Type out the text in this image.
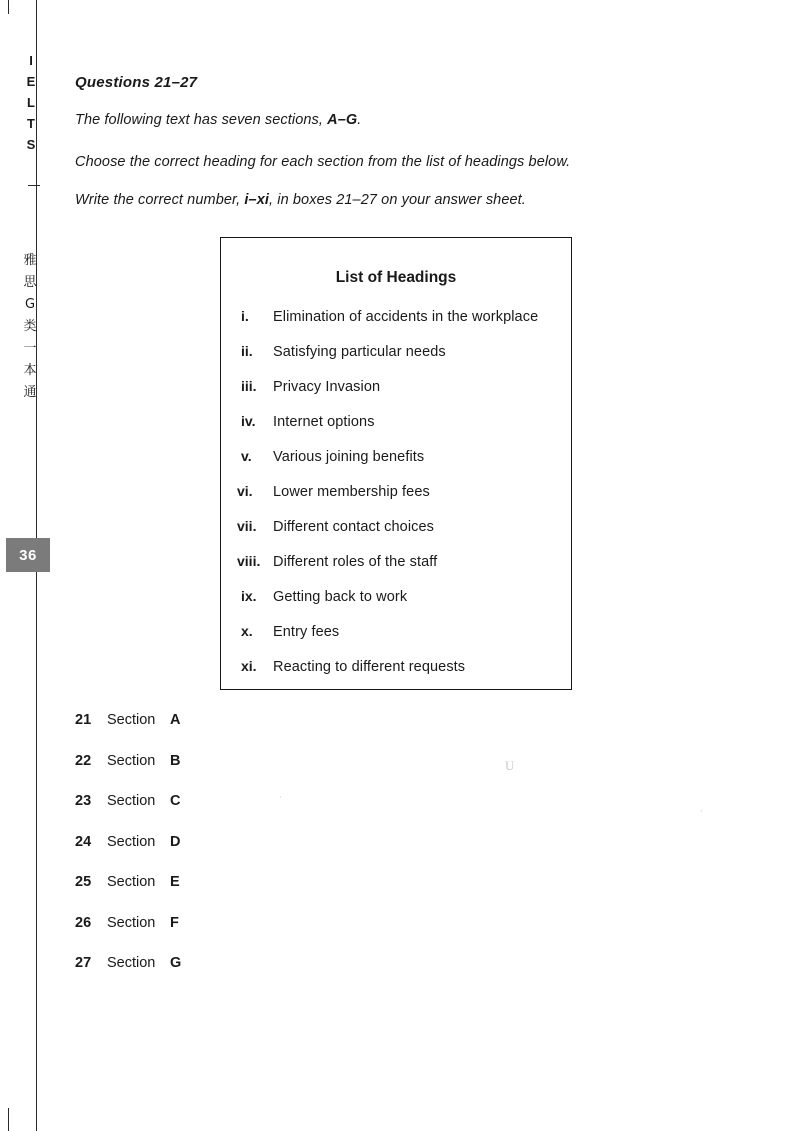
I
E
L
T
S
雅
思
G
类
一
本
通
36
Questions 21–27
The following text has seven sections, A–G.
Choose the correct heading for each section from the list of headings below.
Write the correct number, i–xi, in boxes 21–27 on your answer sheet.
List of Headings
i.	Elimination of accidents in the workplace
ii.	Satisfying particular needs
iii.	Privacy Invasion
iv.	Internet options
v.	Various joining benefits
vi.	Lower membership fees
vii.	Different contact choices
viii. Different roles of the staff
ix.	Getting back to work
x.	Entry fees
xi.	Reacting to different requests
21	Section	A
22	Section	B
23	Section	C
24	Section	D
25	Section	E
26	Section	F
27	Section	G
U
·
·
